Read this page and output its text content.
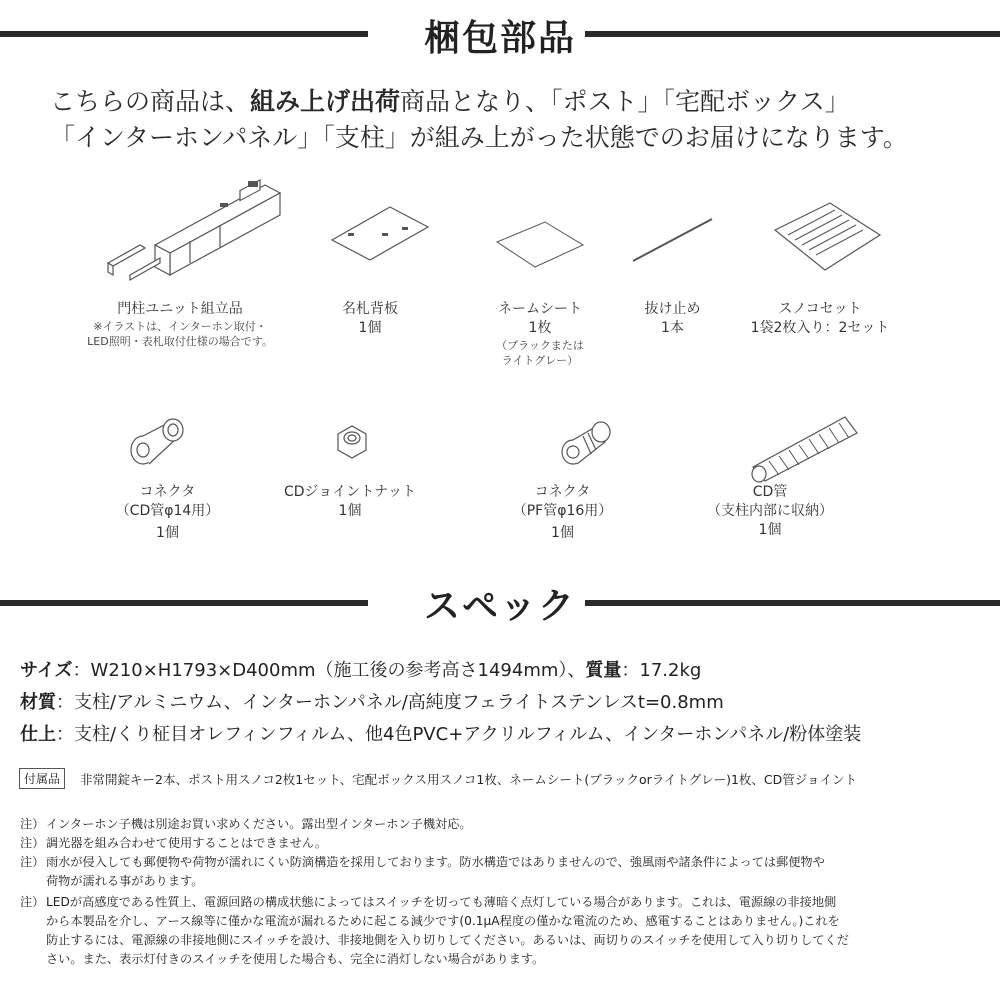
梱包部品
こちらの商品は、組み上げ出荷商品となり、「ポスト」「宅配ボックス」
「インターホンパネル」「支柱」が組み上がった状態でのお届けになります。
門柱ユニット組立品
※イラストは、インターホン取付・
LED照明・表札取付仕様の場合です。
名札背板
1個
ネームシート
1枚
（ブラックまたは
ライトグレー）
抜け止め
1本
スノコセット
1袋2枚入り：2セット
コネクタ
（CD管φ14用）
1個
CDジョイントナット
1個
コネクタ
（PF管φ16用）
1個
CD管
（支柱内部に収納）
1個
スペック
サイズ：W210×H1793×D400mm（施工後の参考高さ1494mm）、質量：17.2kg
材質：支柱/アルミニウム、インターホンパネル/高純度フェライトステンレスt=0.8mm
仕上：支柱/くり柾目オレフィンフィルム、他4色PVC+アクリルフィルム、インターホンパネル/粉体塗装
付属品	非常開錠キー2本、ポスト用スノコ2枚1セット、宅配ボックス用スノコ1枚、ネームシート(ブラックorライトグレー)1枚、CD管ジョイント
注） インターホン子機は別途お買い求めください。露出型インターホン子機対応。
注） 調光器を組み合わせて使用することはできません。
注） 雨水が侵入しても郵便物や荷物が濡れにくい防滴構造を採用しております。防水構造ではありませんので、強風雨や諸条件によっては郵便物や
荷物が濡れる事があります。
注） LEDが高感度である性質上、電源回路の構成状態によってはスイッチを切っても薄暗く点灯している場合があります。これは、電源線の非接地側
から本製品を介し、アース線等に僅かな電流が漏れるために起こる減少です(0.1μA程度の僅かな電流のため、感電することはありません。)これを
防止するには、電源線の非接地側にスイッチを設け、非接地側を入り切りしてください。あるいは、両切りのスイッチを使用して入り切りしてくだ
さい。また、表示灯付きのスイッチを使用した場合も、完全に消灯しない場合があります。
